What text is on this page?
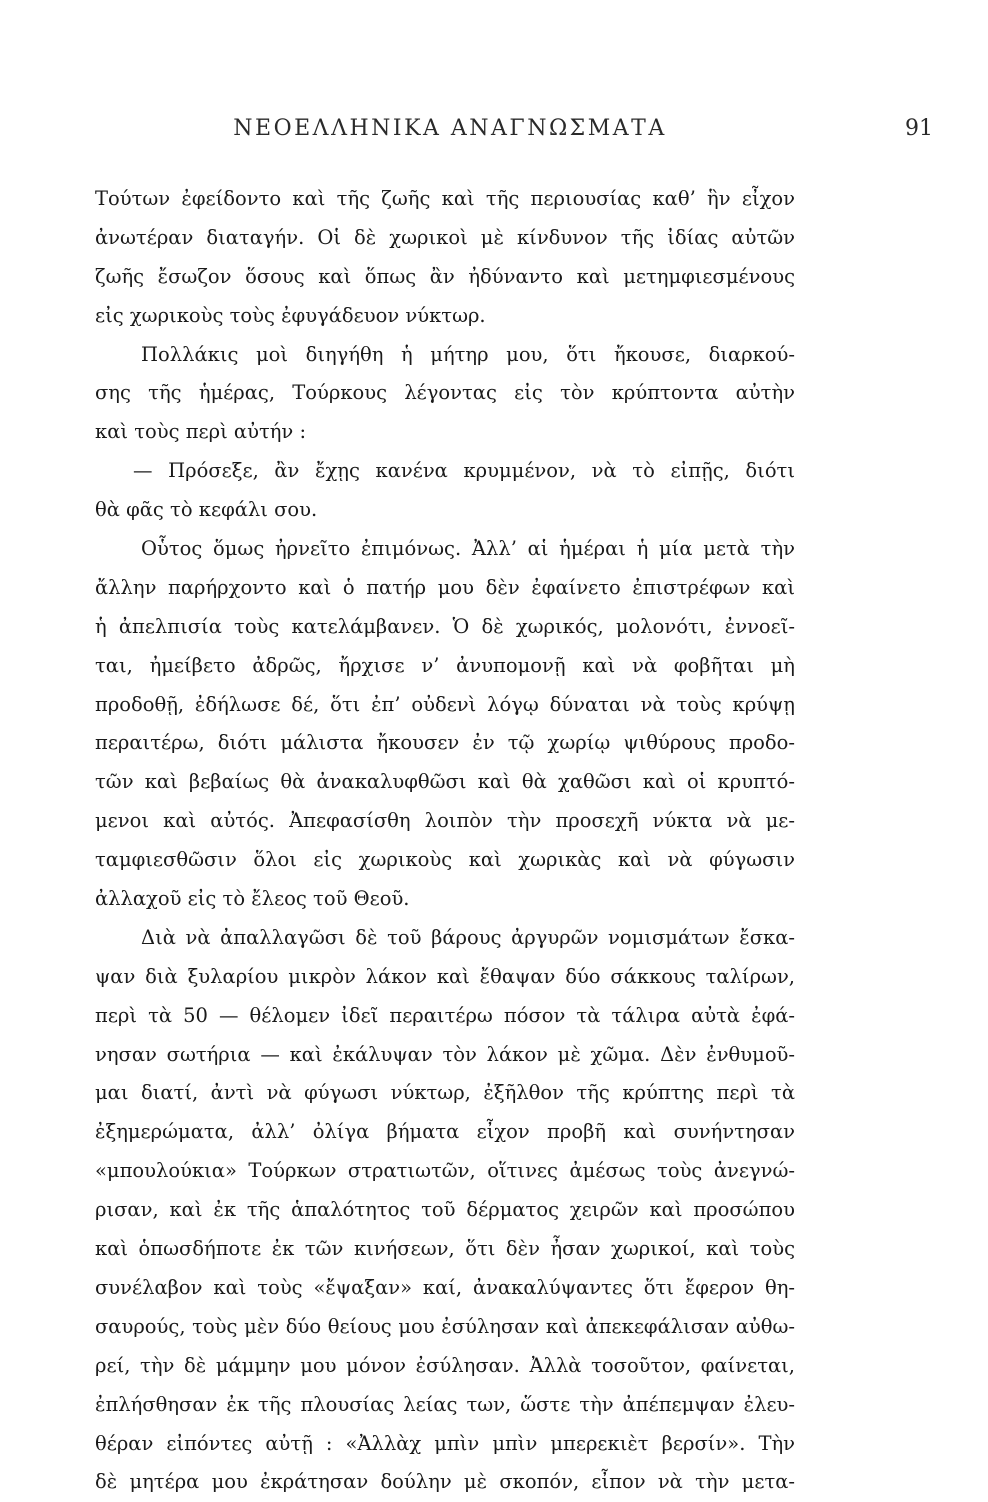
ΝΕΟΕΛΛΗΝΙΚΑ ΑΝΑΓΝΩΣΜΑΤΑ	91
Τούτων ἐφείδοντο καὶ τῆς ζωῆς καὶ τῆς περιουσίας καθ’ ἣν εἶχον
ἀνωτέραν διαταγήν. Οἱ δὲ χωρικοὶ μὲ κίνδυνον τῆς ἰδίας αὐτῶν
ζωῆς ἔσωζον ὅσους καὶ ὅπως ἂν ἠδύναντο καὶ μετημφιεσμένους
εἰς χωρικοὺς τοὺς ἐφυγάδευον νύκτωρ.
Πολλάκις μοὶ διηγήθη ἡ μήτηρ μου, ὅτι ἤκουσε, διαρκού-
σης τῆς ἡμέρας, Τούρκους λέγοντας εἰς τὸν κρύπτοντα αὐτὴν
καὶ τοὺς περὶ αὐτήν :
— Πρόσεξε, ἂν ἔχῃς κανένα κρυμμένον, νὰ τὸ εἰπῇς, διότι
θὰ φᾶς τὸ κεφάλι σου.
Οὗτος ὅμως ἠρνεῖτο ἐπιμόνως. Ἀλλ’ αἱ ἡμέραι ἡ μία μετὰ τὴν
ἄλλην παρήρχοντο καὶ ὁ πατήρ μου δὲν ἐφαίνετο ἐπιστρέφων καὶ
ἡ ἀπελπισία τοὺς κατελάμβανεν. Ὁ δὲ χωρικός, μολονότι, ἐννοεῖ-
ται, ἠμείβετο ἀδρῶς, ἤρχισε ν’ ἀνυπομονῇ καὶ νὰ φοβῆται μὴ
προδοθῇ, ἐδήλωσε δέ, ὅτι ἐπ’ οὐδενὶ λόγῳ δύναται νὰ τοὺς κρύψῃ
περαιτέρω, διότι μάλιστα ἤκουσεν ἐν τῷ χωρίῳ ψιθύρους προδο-
τῶν καὶ βεβαίως θὰ ἀνακαλυφθῶσι καὶ θὰ χαθῶσι καὶ οἱ κρυπτό-
μενοι καὶ αὐτός. Ἀπεφασίσθη λοιπὸν τὴν προσεχῆ νύκτα νὰ με-
ταμφιεσθῶσιν ὅλοι εἰς χωρικοὺς καὶ χωρικὰς καὶ νὰ φύγωσιν
ἀλλαχοῦ εἰς τὸ ἔλεος τοῦ Θεοῦ.
Διὰ νὰ ἀπαλλαγῶσι δὲ τοῦ βάρους ἀργυρῶν νομισμάτων ἔσκα-
ψαν διὰ ξυλαρίου μικρὸν λάκον καὶ ἔθαψαν δύο σάκκους ταλίρων,
περὶ τὰ 50 — θέλομεν ἰδεῖ περαιτέρω πόσον τὰ τάλιρα αὐτὰ ἐφά-
νησαν σωτήρια — καὶ ἐκάλυψαν τὸν λάκον μὲ χῶμα. Δὲν ἐνθυμοῦ-
μαι διατί, ἀντὶ νὰ φύγωσι νύκτωρ, ἐξῆλθον τῆς κρύπτης περὶ τὰ
ἐξημερώματα, ἀλλ’ ὀλίγα βήματα εἶχον προβῆ καὶ συνήντησαν
«μπουλούκια» Τούρκων στρατιωτῶν, οἵτινες ἀμέσως τοὺς ἀνεγνώ-
ρισαν, καὶ ἐκ τῆς ἁπαλότητος τοῦ δέρματος χειρῶν καὶ προσώπου
καὶ ὁπωσδήποτε ἐκ τῶν κινήσεων, ὅτι δὲν ἦσαν χωρικοί, καὶ τοὺς
συνέλαβον καὶ τοὺς «ἔψαξαν» καί, ἀνακαλύψαντες ὅτι ἔφερον θη-
σαυρούς, τοὺς μὲν δύο θείους μου ἐσύλησαν καὶ ἀπεκεφάλισαν αὐθω-
ρεί, τὴν δὲ μάμμην μου μόνον ἐσύλησαν. Ἀλλὰ τοσοῦτον, φαίνεται,
ἐπλήσθησαν ἐκ τῆς πλουσίας λείας των, ὥστε τὴν ἀπέπεμψαν ἐλευ-
θέραν εἰπόντες αὐτῇ : «Ἀλλὰχ μπὶν μπὶν μπερεκιὲτ βερσίν». Τὴν
δὲ μητέρα μου ἐκράτησαν δούλην μὲ σκοπόν, εἶπον νὰ τὴν μετα-
